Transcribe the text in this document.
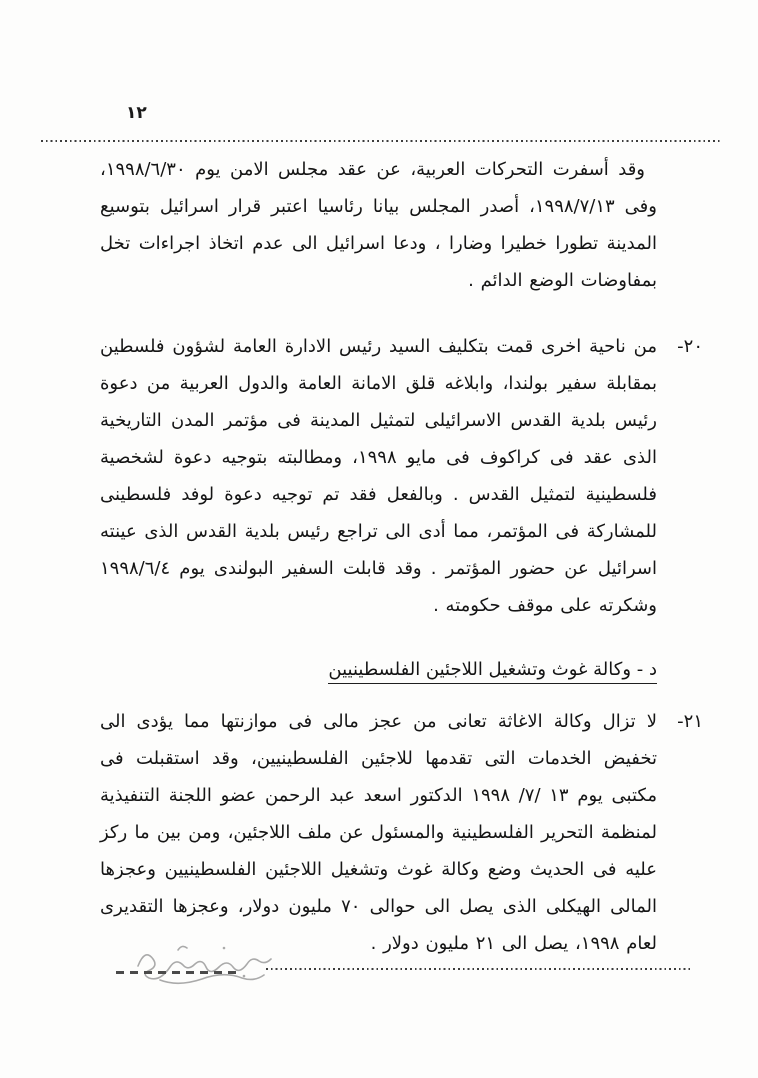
١٢

وقد أسفرت التحركات العربية، عن عقد مجلس الامن يوم ١٩٩٨/٦/٣٠، وفى ١٩٩٨/٧/١٣، أصدر المجلس بيانا رئاسيا اعتبر قرار اسرائيل بتوسيع المدينة تطورا خطيرا وضارا ، ودعا اسرائيل الى عدم اتخاذ اجراءات تخل بمفاوضات الوضع الدائم .

٢٠-

من ناحية اخرى قمت بتكليف السيد رئيس الادارة العامة لشؤون فلسطين بمقابلة سفير بولندا، وابلاغه قلق الامانة العامة والدول العربية من دعوة رئيس بلدية القدس الاسرائيلى لتمثيل المدينة فى مؤتمر المدن التاريخية الذى عقد فى كراكوف فى مايو ١٩٩٨، ومطالبته بتوجيه دعوة لشخصية فلسطينية لتمثيل القدس . وبالفعل فقد تم توجيه دعوة لوفد فلسطينى للمشاركة فى المؤتمر، مما أدى الى تراجع رئيس بلدية القدس الذى عينته اسرائيل عن حضور المؤتمر . وقد قابلت السفير البولندى يوم ١٩٩٨/٦/٤ وشكرته على موقف حكومته .

د - وكالة غوث وتشغيل اللاجئين الفلسطينيين
٢١-

لا تزال وكالة الاغاثة تعانى من عجز مالى فى موازنتها مما يؤدى الى تخفيض الخدمات التى تقدمها للاجئين الفلسطينيين، وقد استقبلت فى مكتبى يوم ١٣ /٧/ ١٩٩٨ الدكتور اسعد عبد الرحمن عضو اللجنة التنفيذية لمنظمة التحرير الفلسطينية والمسئول عن ملف اللاجئين، ومن بين ما ركز عليه فى الحديث وضع وكالة غوث وتشغيل اللاجئين الفلسطينيين وعجزها المالى الهيكلى الذى يصل الى حوالى ٧٠ مليون دولار، وعجزها التقديرى لعام ١٩٩٨، يصل الى ٢١ مليون دولار .
